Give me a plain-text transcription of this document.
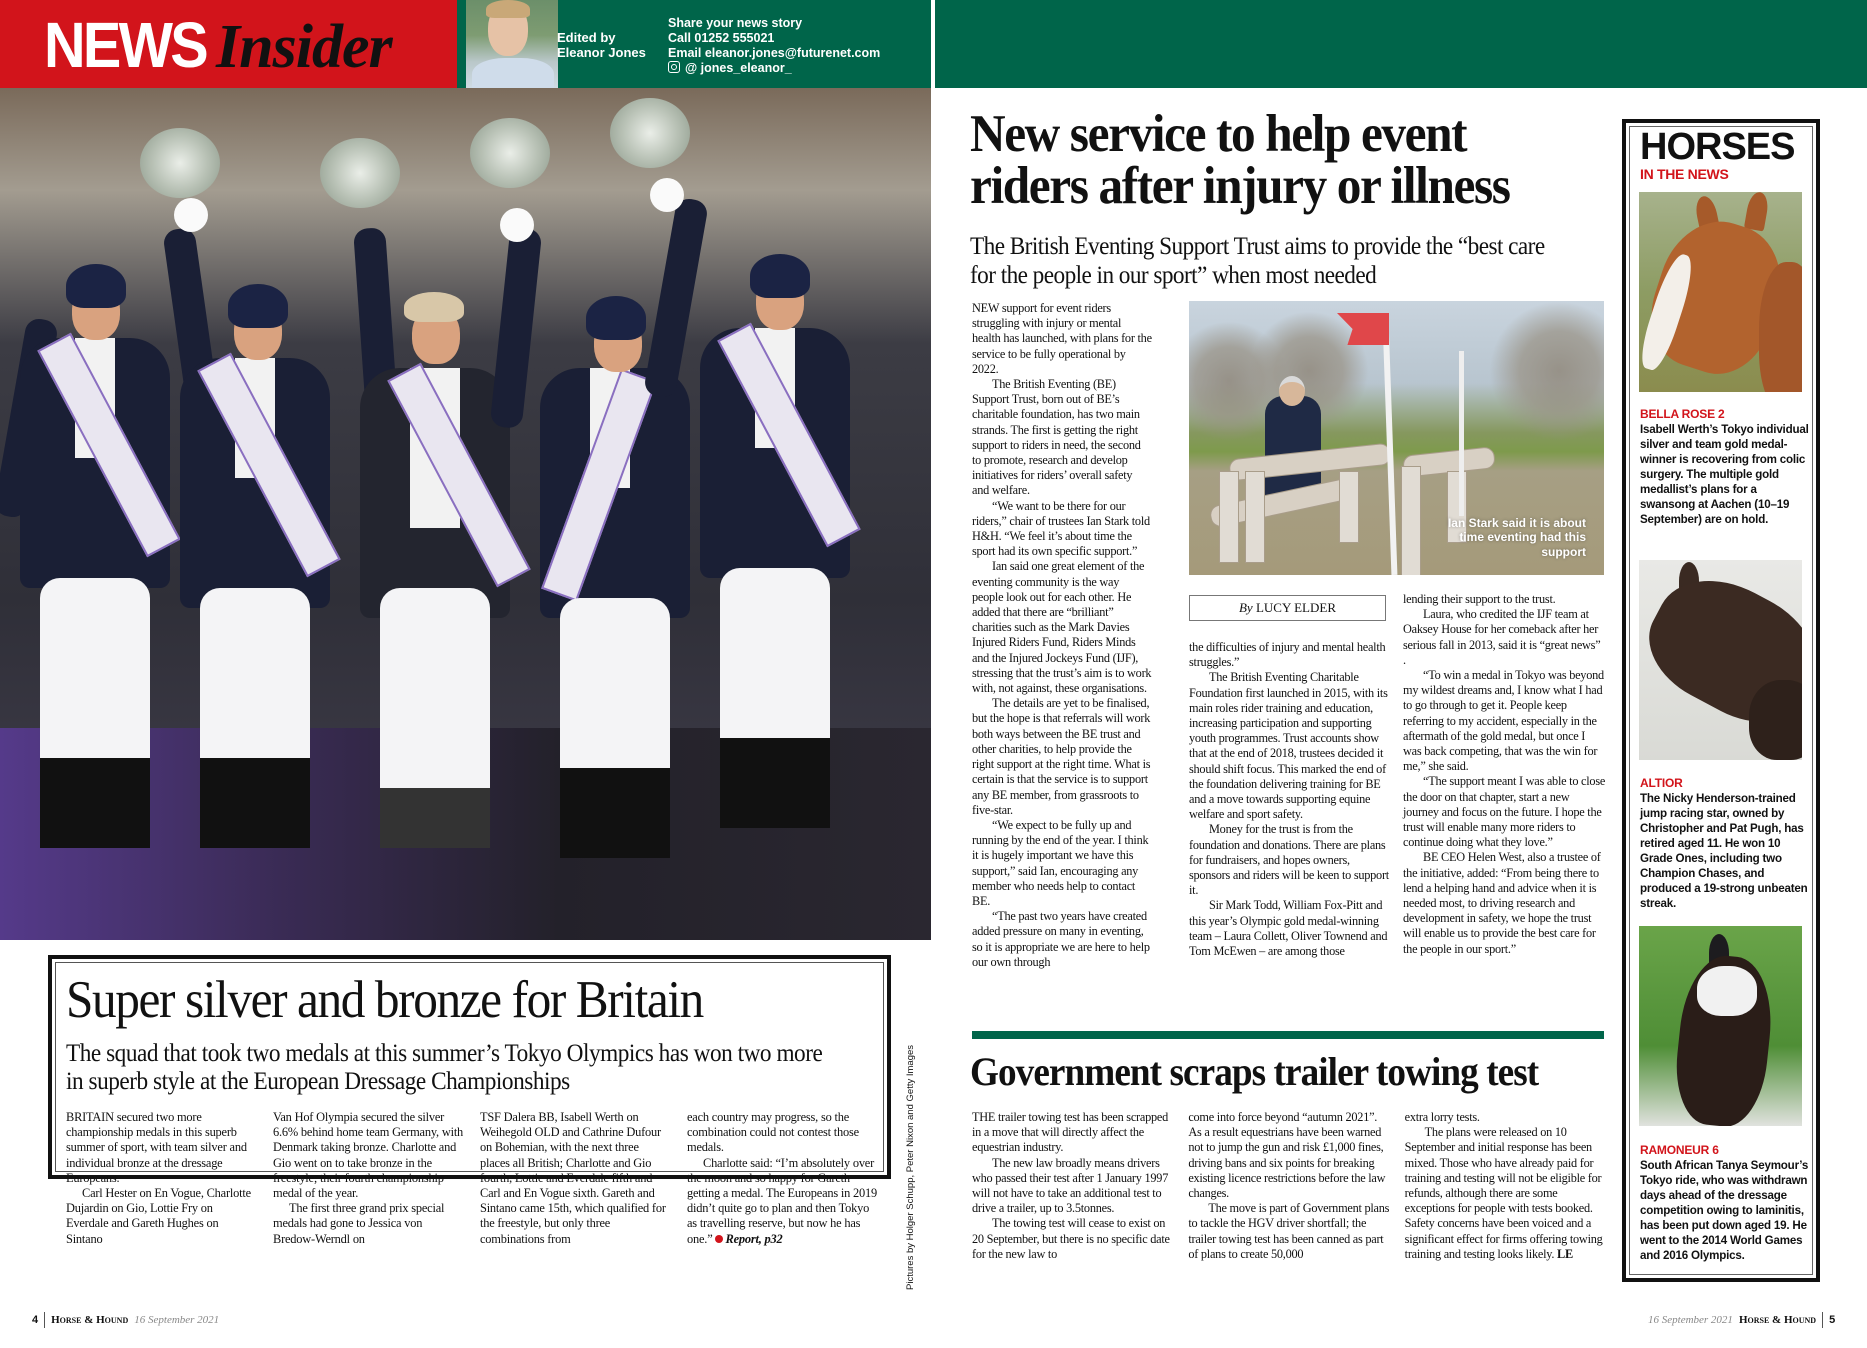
NEWS Insider	Edited by
Eleanor Jones
Share your news story
Call 01252 555021
Email eleanor.jones@futurenet.com
@ jones_eleanor_
Super silver and bronze for Britain
The squad that took two medals at this summer’s Tokyo Olympics has won two more in superb style at the European Dressage Championships

BRITAIN secured two more championship medals in this superb summer of sport, with team silver and individual bronze at the dressage Europeans.

Carl Hester on En Vogue, Charlotte Dujardin on Gio, Lottie Fry on Everdale and Gareth Hughes on Sintano

Van Hof Olympia secured the silver 6.6% behind home team Germany, with Denmark taking bronze. Charlotte and Gio went on to take bronze in the freestyle; their fourth championship medal of the year.

The first three grand prix special medals had gone to Jessica von Bredow-Werndl on

TSF Dalera BB, Isabell Werth on Weihegold OLD and Cathrine Dufour on Bohemian, with the next three places all British; Charlotte and Gio fourth, Lottie and Everdale fifth and Carl and En Vogue sixth. Gareth and Sintano came 15th, which qualified for the freestyle, but only three combinations from

each country may progress, so the combination could not contest those medals.

Charlotte said: “I’m absolutely over the moon and so happy for Gareth getting a medal. The Europeans in 2019 didn’t quite go to plan and then Tokyo as travelling reserve, but now he has one.” Report, p32	Pictures by Holger Schupp, Peter Nixon and Getty Images
4 Horse & Hound 16 September 2021
New service to help event riders after injury or illness
The British Eventing Support Trust aims to provide the “best care for the people in our sport” when most needed

NEW support for event riders struggling with injury or mental health has launched, with plans for the service to be fully operational by 2022.

The British Eventing (BE) Support Trust, born out of BE’s charitable foundation, has two main strands. The first is getting the right support to riders in need, the second to promote, research and develop initiatives for riders’ overall safety and welfare.

“We want to be there for our riders,” chair of trustees Ian Stark told H&H. “We feel it’s about time the sport had its own specific support.”

Ian said one great element of the eventing community is the way people look out for each other. He added that there are “brilliant” charities such as the Mark Davies Injured Riders Fund, Riders Minds and the Injured Jockeys Fund (IJF), stressing that the trust’s aim is to work with, not against, these organisations.

The details are yet to be finalised, but the hope is that referrals will work both ways between the BE trust and other charities, to help provide the right support at the right time. What is certain is that the service is to support any BE member, from grassroots to five-star.

“We expect to be fully up and running by the end of the year. I think it is hugely important we have this support,” said Ian, encouraging any member who needs help to contact BE.

“The past two years have created added pressure on many in eventing, so it is appropriate we are here to help our own through

Ian Stark said it is about time eventing had this support
By LUCY ELDER

the difficulties of injury and mental health struggles.”

The British Eventing Charitable Foundation first launched in 2015, with its main roles rider training and education, increasing participation and supporting youth programmes. Trust accounts show that at the end of 2018, trustees decided it should shift focus. This marked the end of the foundation delivering training for BE and a move towards supporting equine welfare and sport safety.

Money for the trust is from the foundation and donations. There are plans for fundraisers, and hopes owners, sponsors and riders will be keen to support it.

Sir Mark Todd, William Fox-Pitt and this year’s Olympic gold medal-winning team – Laura Collett, Oliver Townend and Tom McEwen – are among those

lending their support to the trust.

Laura, who credited the IJF team at Oaksey House for her comeback after her serious fall in 2013, said it is “great news” .

“To win a medal in Tokyo was beyond my wildest dreams and, I know what I had to go through to get it. People keep referring to my accident, especially in the aftermath of the gold medal, but once I was back competing, that was the win for me,” she said.

“The support meant I was able to close the door on that chapter, start a new journey and focus on the future. I hope the trust will enable many more riders to continue doing what they love.”

BE CEO Helen West, also a trustee of the initiative, added: “From being there to lend a helping hand and advice when it is needed most, to driving research and development in safety, we hope the trust will enable us to provide the best care for the people in our sport.”

Government scraps trailer towing test

THE trailer towing test has been scrapped in a move that will directly affect the equestrian industry.

The new law broadly means drivers who passed their test after 1 January 1997 will not have to take an additional test to drive a trailer, up to 3.5tonnes.

The towing test will cease to exist on 20 September, but there is no specific date for the new law to

come into force beyond “autumn 2021”. As a result equestrians have been warned not to jump the gun and risk £1,000 fines, driving bans and six points for breaking existing licence restrictions before the law changes.

The move is part of Government plans to tackle the HGV driver shortfall; the trailer towing test has been canned as part of plans to create 50,000

extra lorry tests.

The plans were released on 10 September and initial response has been mixed. Those who have already paid for training and testing will not be eligible for refunds, although there are some exceptions for people with tests booked. Safety concerns have been voiced and a significant effect for firms offering towing training and testing looks likely. LE

HORSES
IN THE NEWS
BELLA ROSE 2
Isabell Werth’s Tokyo individual silver and team gold medal-winner is recovering from colic surgery. The multiple gold medallist’s plans for a swansong at Aachen (10–19 September) are on hold.
ALTIOR
The Nicky Henderson-trained jump racing star, owned by Christopher and Pat Pugh, has retired aged 11. He won 10 Grade Ones, including two Champion Chases, and produced a 19-strong unbeaten streak.
RAMONEUR 6
South African Tanya Seymour’s Tokyo ride, who was withdrawn days ahead of the dressage competition owing to laminitis, has been put down aged 19. He went to the 2014 World Games and 2016 Olympics.
16 September 2021 Horse & Hound 5
